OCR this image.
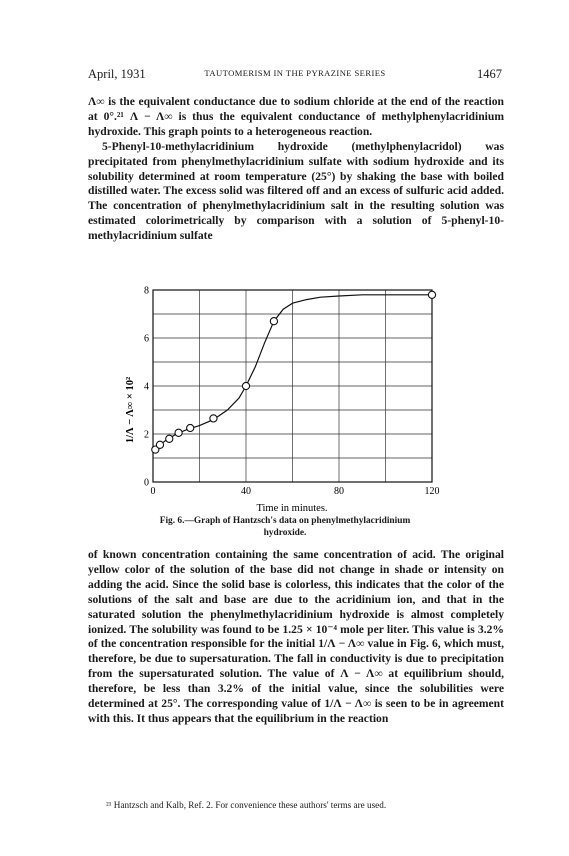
April, 1931	TAUTOMERISM IN THE PYRAZINE SERIES	1467

Λ∞ is the equivalent conductance due to sodium chloride at the end of the reaction at 0°.²¹ Λ − Λ∞ is thus the equivalent conductance of methylphenylacridinium hydroxide. This graph points to a heterogeneous reaction.

5-Phenyl-10-methylacridinium hydroxide (methylphenylacridol) was precipitated from phenylmethylacridinium sulfate with sodium hydroxide and its solubility determined at room temperature (25°) by shaking the base with boiled distilled water. The excess solid was filtered off and an excess of sulfuric acid added. The concentration of phenylmethylacridinium salt in the resulting solution was estimated colorimetrically by comparison with a solution of 5-phenyl-10-methylacridinium sulfate

0	40	80	120
0
2
4
6
8
1/Λ − Λ∞ × 10²
Time in minutes.
Fig. 6.—Graph of Hantzsch's data on phenylmethylacridinium
hydroxide.

of known concentration containing the same concentration of acid. The original yellow color of the solution of the base did not change in shade or intensity on adding the acid. Since the solid base is colorless, this indicates that the color of the solutions of the salt and base are due to the acridinium ion, and that in the saturated solution the phenylmethylacridinium hydroxide is almost completely ionized. The solubility was found to be 1.25 × 10⁻⁴ mole per liter. This value is 3.2% of the concentration responsible for the initial 1/Λ − Λ∞ value in Fig. 6, which must, therefore, be due to supersaturation. The fall in conductivity is due to precipitation from the supersaturated solution. The value of Λ − Λ∞ at equilibrium should, therefore, be less than 3.2% of the initial value, since the solubilities were determined at 25°. The corresponding value of 1/Λ − Λ∞ is seen to be in agreement with this. It thus appears that the equilibrium in the reaction

²¹ Hantzsch and Kalb, Ref. 2. For convenience these authors' terms are used.
